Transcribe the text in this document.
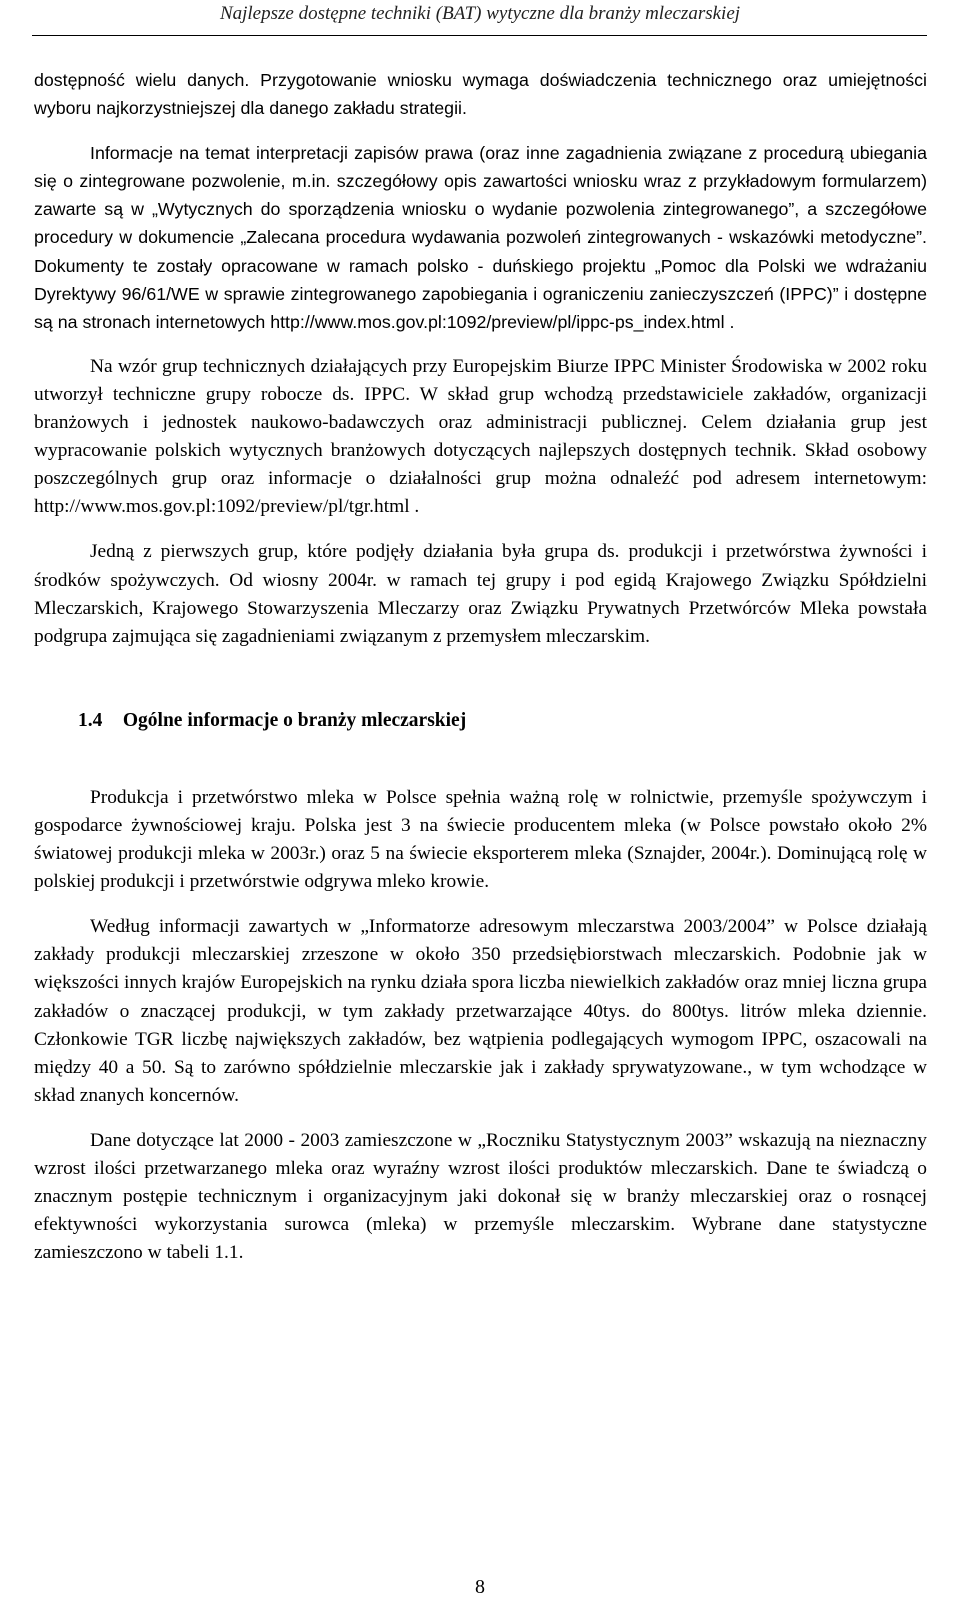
Najlepsze dostępne techniki (BAT) wytyczne dla branży mleczarskiej

dostępność wielu danych. Przygotowanie wniosku wymaga doświadczenia technicznego oraz umiejętności wyboru najkorzystniejszej dla danego zakładu strategii.

Informacje na temat interpretacji zapisów prawa (oraz inne zagadnienia związane z procedurą ubiegania się o zintegrowane pozwolenie, m.in. szczegółowy opis zawartości wniosku wraz z przykładowym formularzem) zawarte są w „Wytycznych do sporządzenia wniosku o wydanie pozwolenia zintegrowanego”, a szczegółowe procedury w dokumencie „Zalecana procedura wydawania pozwoleń zintegrowanych - wskazówki metodyczne”. Dokumenty te zostały opracowane w ramach polsko - duńskiego projektu „Pomoc dla Polski we wdrażaniu Dyrektywy 96/61/WE w sprawie zintegrowanego zapobiegania i ograniczeniu zanieczyszczeń (IPPC)” i dostępne są na stronach internetowych http://www.mos.gov.pl:1092/preview/pl/ippc-ps_index.html .

Na wzór grup technicznych działających przy Europejskim Biurze IPPC Minister Środowiska w 2002 roku utworzył techniczne grupy robocze ds. IPPC. W skład grup wchodzą przedstawiciele zakładów, organizacji branżowych i jednostek naukowo-badawczych oraz administracji publicznej. Celem działania grup jest wypracowanie polskich wytycznych branżowych dotyczących najlepszych dostępnych technik. Skład osobowy poszczególnych grup oraz informacje o działalności grup można odnaleźć pod adresem internetowym: http://www.mos.gov.pl:1092/preview/pl/tgr.html .

Jedną z pierwszych grup, które podjęły działania była grupa ds. produkcji i przetwórstwa żywności i środków spożywczych. Od wiosny 2004r. w ramach tej grupy i pod egidą Krajowego Związku Spółdzielni Mleczarskich, Krajowego Stowarzyszenia Mleczarzy oraz Związku Prywatnych Przetwórców Mleka powstała podgrupa zajmująca się zagadnieniami związanym z przemysłem mleczarskim.

1.4 Ogólne informacje o branży mleczarskiej

Produkcja i przetwórstwo mleka w Polsce spełnia ważną rolę w rolnictwie, przemyśle spożywczym i gospodarce żywnościowej kraju. Polska jest 3 na świecie producentem mleka (w Polsce powstało około 2% światowej produkcji mleka w 2003r.) oraz 5 na świecie eksporterem mleka (Sznajder, 2004r.). Dominującą rolę w polskiej produkcji i przetwórstwie odgrywa mleko krowie.

Według informacji zawartych w „Informatorze adresowym mleczarstwa 2003/2004” w Polsce działają zakłady produkcji mleczarskiej zrzeszone w około 350 przedsiębiorstwach mleczarskich. Podobnie jak w większości innych krajów Europejskich na rynku działa spora liczba niewielkich zakładów oraz mniej liczna grupa zakładów o znaczącej produkcji, w tym zakłady przetwarzające 40tys. do 800tys. litrów mleka dziennie. Członkowie TGR liczbę największych zakładów, bez wątpienia podlegających wymogom IPPC, oszacowali na między 40 a 50. Są to zarówno spółdzielnie mleczarskie jak i zakłady sprywatyzowane., w tym wchodzące w skład znanych koncernów.

Dane dotyczące lat 2000 - 2003 zamieszczone w „Roczniku Statystycznym 2003” wskazują na nieznaczny wzrost ilości przetwarzanego mleka oraz wyraźny wzrost ilości produktów mleczarskich. Dane te świadczą o znacznym postępie technicznym i organizacyjnym jaki dokonał się w branży mleczarskiej oraz o rosnącej efektywności wykorzystania surowca (mleka) w przemyśle mleczarskim. Wybrane dane statystyczne zamieszczono w tabeli 1.1.

8
